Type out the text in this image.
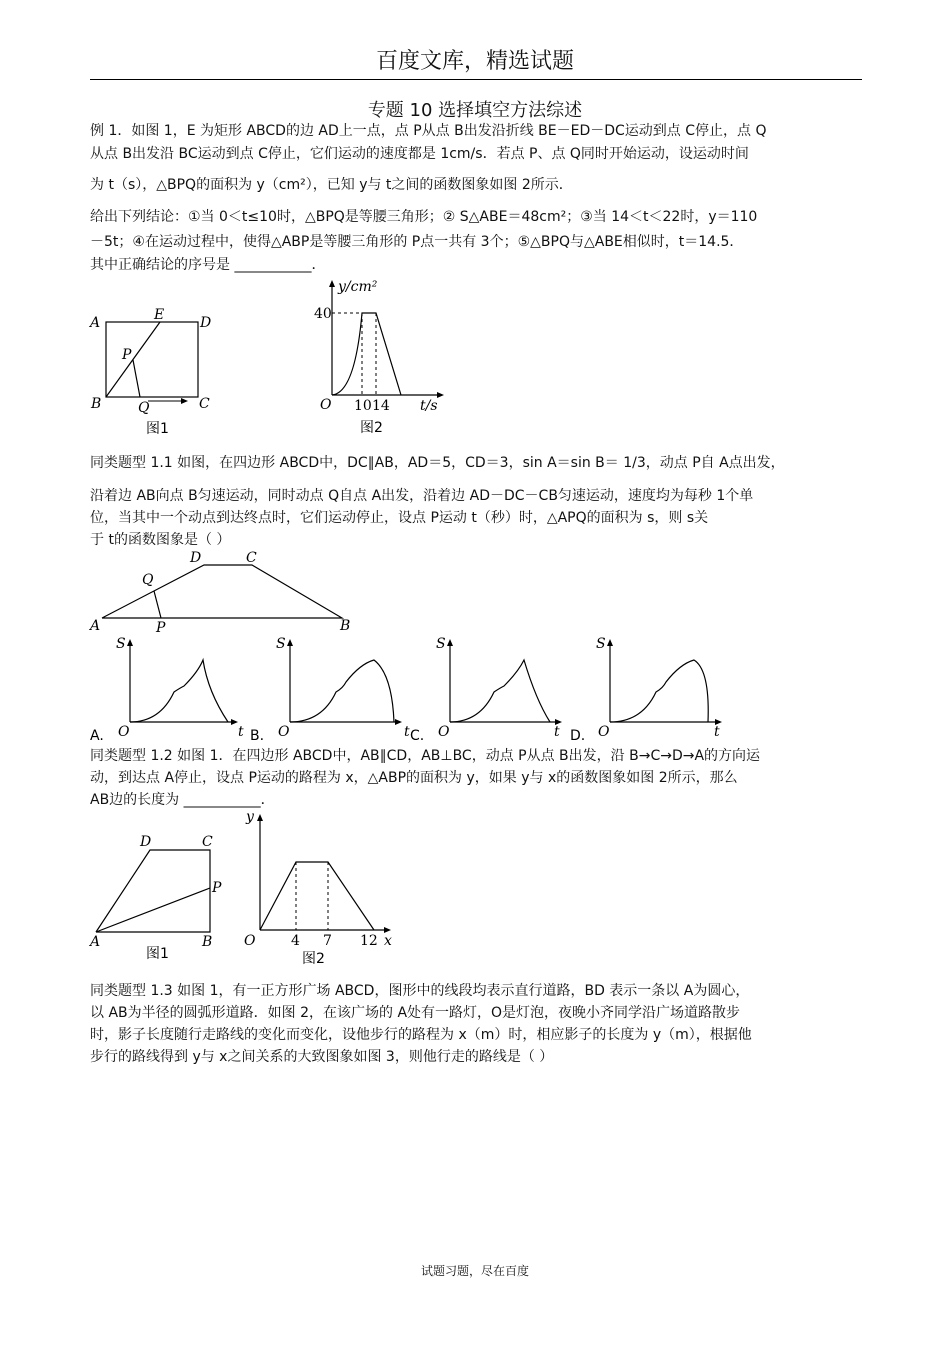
百度文库，精选试题
专题 10 选择填空方法综述
例 1．如图 1，E 为矩形 ABCD的边 AD上一点，点 P从点 B出发沿折线 BE－ED－DC运动到点 C停止，点 Q
从点 B出发沿 BC运动到点 C停止，它们运动的速度都是 1cm/s．若点 P、点 Q同时开始运动，设运动时间
为 t（s），△BPQ的面积为 y（cm²），已知 y与 t之间的函数图象如图 2所示．
给出下列结论：①当 0＜t≤10时，△BPQ是等腰三角形；② S△ABE＝48cm²；③当 14＜t＜22时，y＝110
－5t；④在运动过程中，使得△ABP是等腰三角形的 P点一共有 3个；⑤△BPQ与△ABE相似时，t＝14.5．
其中正确结论的序号是 ___________．
A	E	D
P
B	Q	C
图1
y/cm²
40
O 10 14 t/s
图2
同类题型 1.1 如图，在四边形 ABCD中，DC∥AB，AD＝5，CD＝3，sin A＝sin B＝ 1/3，动点 P自 A点出发，
沿着边 AB向点 B匀速运动，同时动点 Q自点 A出发，沿着边 AD－DC－CB匀速运动，速度均为每秒 1个单
位，当其中一个动点到达终点时，它们运动停止，设点 P运动 t（秒）时，△APQ的面积为 s，则 s关
于 t的函数图象是（ ）
D	C
Q
A	P	B
S
O	t
A.
S
O	t
B.
S
O	t
C.
S
O	t
D.
同类题型 1.2 如图 1．在四边形 ABCD中，AB∥CD，AB⊥BC，动点 P从点 B出发，沿 B→C→D→A的方向运
动，到达点 A停止，设点 P运动的路程为 x，△ABP的面积为 y，如果 y与 x的函数图象如图 2所示，那么
AB边的长度为 ___________．
D	C
P
A	B
图1
y
O	4 7 12 x
图2
同类题型 1.3 如图 1，有一正方形广场 ABCD，图形中的线段均表示直行道路，BD 表示一条以 A为圆心，
以 AB为半径的圆弧形道路．如图 2，在该广场的 A处有一路灯，O是灯泡，夜晚小齐同学沿广场道路散步
时，影子长度随行走路线的变化而变化，设他步行的路程为 x（m）时，相应影子的长度为 y（m），根据他
步行的路线得到 y与 x之间关系的大致图象如图 3，则他行走的路线是（ ）
试题习题，尽在百度
